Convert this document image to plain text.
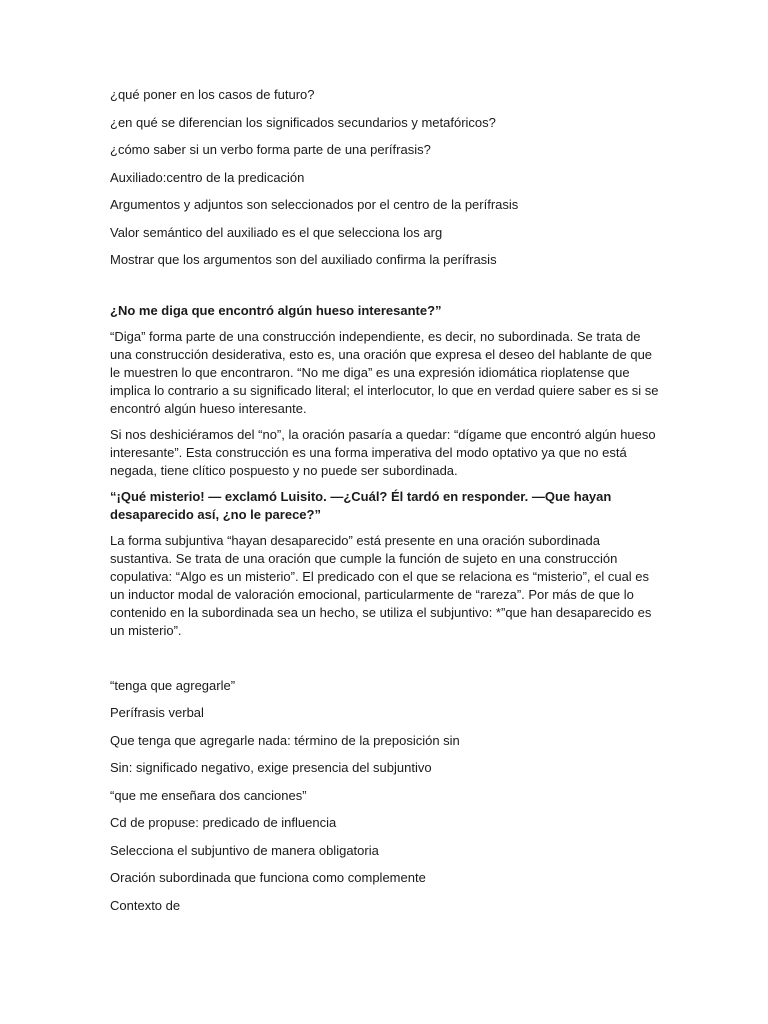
¿qué poner en los casos de futuro?

¿en qué se diferencian los significados secundarios y metafóricos?

¿cómo saber si un verbo forma parte de una perífrasis?

Auxiliado:centro de la predicación

Argumentos y adjuntos son seleccionados por el centro de la perífrasis

Valor semántico del auxiliado es el que selecciona los arg

Mostrar que los argumentos son del auxiliado confirma la perífrasis

¿No me diga que encontró algún hueso interesante?”

“Diga” forma parte de una construcción independiente, es decir, no subordinada. Se trata de una construcción desiderativa, esto es, una oración que expresa el deseo del hablante de que le muestren lo que encontraron. “No me diga” es una expresión idiomática rioplatense que implica lo contrario a su significado literal; el interlocutor, lo que en verdad quiere saber es si se encontró algún hueso interesante.

Si nos deshiciéramos del “no”, la oración pasaría a quedar: “dígame que encontró algún hueso interesante”. Esta construcción es una forma imperativa del modo optativo ya que no está negada, tiene clítico pospuesto y no puede ser subordinada.

“¡Qué misterio! — exclamó Luisito. —¿Cuál? Él tardó en responder. —Que hayan desaparecido así, ¿no le parece?”

La forma subjuntiva “hayan desaparecido” está presente en una oración subordinada sustantiva. Se trata de una oración que cumple la función de sujeto en una construcción copulativa: “Algo es un misterio”. El predicado con el que se relaciona es “misterio”, el cual es un inductor modal de valoración emocional, particularmente de “rareza”. Por más de que lo contenido en la subordinada sea un hecho, se utiliza el subjuntivo: *”que han desaparecido es un misterio”.

“tenga que agregarle”

Perífrasis verbal

Que tenga que agregarle nada: término de la preposición sin

Sin: significado negativo, exige presencia del subjuntivo

“que me enseñara dos canciones”

Cd de propuse: predicado de influencia

Selecciona el subjuntivo de manera obligatoria

Oración subordinada que funciona como complemente

Contexto de
